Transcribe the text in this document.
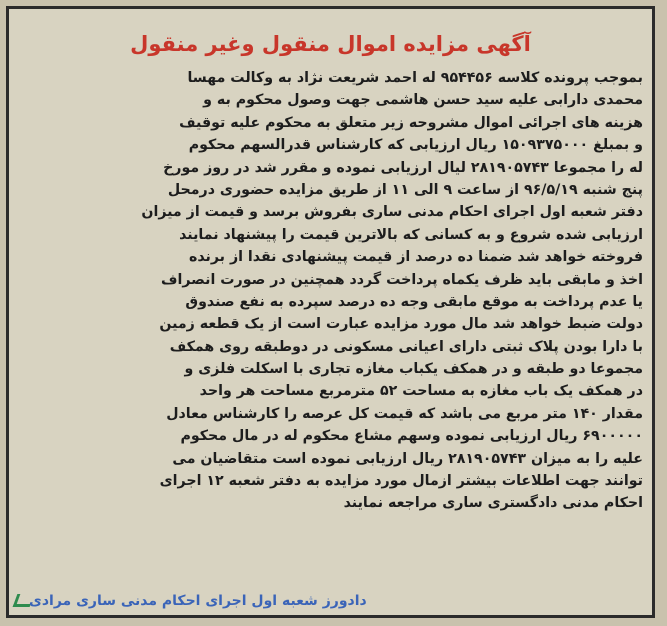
آگهی مزایده اموال منقول وغیر منقول
بموجب پرونده کلاسه ۹۵۴۴۵۶ له احمد شریعت نژاد به وکالت مهسا
محمدی دارابی علیه سید حسن هاشمی جهت وصول محکوم به و
هزینه های اجرائی اموال مشروحه زیر متعلق به محکوم علیه توقیف
و بمبلغ ۱۵۰۹۳۷۵۰۰۰ ریال ارزیابی که کارشناس قدرالسهم محکوم
له را مجموعا ۲۸۱۹۰۵۷۴۳ لیال ارزیابی نموده و مقرر شد در روز مورخ
پنج شنبه ۹۶/۵/۱۹ از ساعت ۹ الی ۱۱ از طریق مزایده حضوری درمحل
دفتر شعبه اول اجرای احکام مدنی ساری بفروش برسد و قیمت از میزان
ارزیابی شده شروع و به کسانی که بالاترین قیمت را پیشنهاد نمایند
فروخته خواهد شد ضمنا ده درصد از قیمت پیشنهادی نقدا از برنده
اخذ و مابقی باید ظرف یکماه پرداخت گردد همچنین در صورت انصراف
یا عدم پرداخت به موقع مابقی وجه ده درصد سپرده به نفع صندوق
دولت ضبط خواهد شد مال مورد مزایده عبارت است از یک قطعه زمین
با دارا بودن پلاک ثبتی دارای اعیانی مسکونی در دوطبقه روی همکف
مجموعا دو طبقه و در همکف یکباب مغازه تجاری با اسکلت فلزی و
در همکف یک باب مغازه به مساحت ۵۲ مترمربع مساحت هر واحد
مقدار ۱۴۰ متر مربع می باشد که قیمت کل عرصه را کارشناس معادل
۶۹۰۰۰۰۰ ریال ارزیابی نموده وسهم مشاع محکوم له در مال محکوم
علیه را به میزان ۲۸۱۹۰۵۷۴۳ ریال ارزیابی نموده است متقاضیان می
توانند جهت اطلاعات بیشتر ازمال مورد مزایده به دفتر شعبه ۱۲ اجرای
احکام مدنی دادگستری ساری مراجعه نمایند
دادورز شعبه اول اجرای احکام مدنی ساری مرادی
